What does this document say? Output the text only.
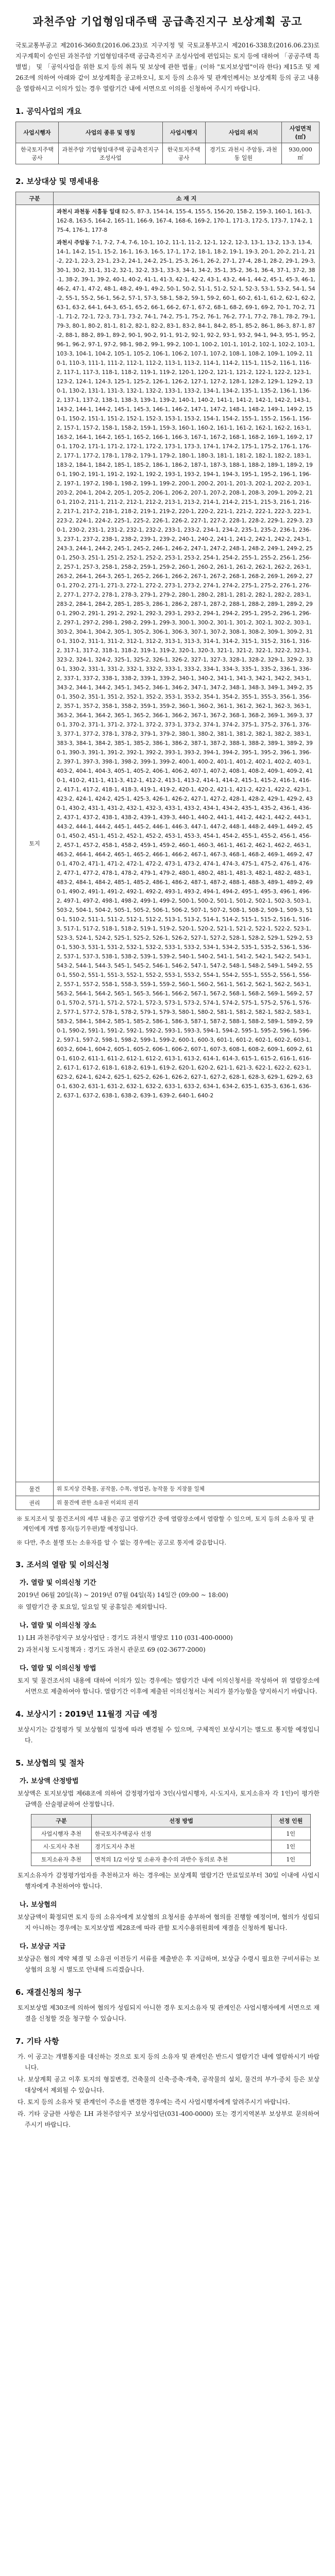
과천주암 기업형임대주택 공급촉진지구 보상계획 공고
국토교통부공고 제2016-360호(2016.06.23)로 지구지정 및 국토교통부고시 제2016-338호(2016.06.23)로 지구계획이 승인된 과천주암 기업형임대주택 공급촉진지구 조성사업에 편입되는 토지 등에 대하여 「공공주택 특별법」 및 「공익사업을 위한 토지 등의 취득 및 보상에 관한 법률」(이하 "토지보상법"이라 한다) 제15조 및 제26조에 의하여 아래와 같이 보상계획을 공고하오니, 토지 등의 소유자 및 관계인께서는 보상계획 등의 공고 내용을 열람하시고 이의가 있는 경우 열람기간 내에 서면으로 이의를 신청하여 주시기 바랍니다.
1. 공익사업의 개요
사업시행자	사업의 종류 및 명칭	사업시행지	사업의 위치	사업면적(㎡)
한국토지주택공사	과천주암 기업형임대주택 공급촉진지구 조성사업	한국토지주택공사	경기도 과천시 주암동, 과천동 일원	930,000 ㎡
2. 보상대상 및 명세내용
구분	소 재 지
토지	과천시 과천동 시흥동 일대 82-5, 87-3, 154-14, 155-4, 155-5, 156-20, 158-2, 159-3, 160-1, 161-3, 162-8, 163-5, 164-2, 165-11, 166-9, 167-4, 168-6, 169-2, 170-1, 171-3, 172-5, 173-7, 174-2, 175-4, 176-1, 177-8
과천시 주암동 7-1, 7-2, 7-4, 7-6, 10-1, 10-2, 11-1, 11-2, 12-1, 12-2, 12-3, 13-1, 13-2, 13-3, 13-4, 14-1, 14-2, 15-1, 15-2, 16-1, 16-3, 16-5, 17-1, 17-2, 18-1, 18-2, 19-1, 19-3, 20-1, 20-2, 21-1, 21-2, 22-1, 22-3, 23-1, 23-2, 24-1, 24-2, 25-1, 25-3, 26-1, 26-2, 27-1, 27-4, 28-1, 28-2, 29-1, 29-3, 30-1, 30-2, 31-1, 31-2, 32-1, 32-2, 33-1, 33-3, 34-1, 34-2, 35-1, 35-2, 36-1, 36-4, 37-1, 37-2, 38-1, 38-2, 39-1, 39-2, 40-1, 40-2, 41-1, 41-3, 42-1, 42-2, 43-1, 43-2, 44-1, 44-2, 45-1, 45-3, 46-1, 46-2, 47-1, 47-2, 48-1, 48-2, 49-1, 49-2, 50-1, 50-2, 51-1, 51-2, 52-1, 52-3, 53-1, 53-2, 54-1, 54-2, 55-1, 55-2, 56-1, 56-2, 57-1, 57-3, 58-1, 58-2, 59-1, 59-2, 60-1, 60-2, 61-1, 61-2, 62-1, 62-2, 63-1, 63-2, 64-1, 64-3, 65-1, 65-2, 66-1, 66-2, 67-1, 67-2, 68-1, 68-2, 69-1, 69-2, 70-1, 70-2, 71-1, 71-2, 72-1, 72-3, 73-1, 73-2, 74-1, 74-2, 75-1, 75-2, 76-1, 76-2, 77-1, 77-2, 78-1, 78-2, 79-1, 79-3, 80-1, 80-2, 81-1, 81-2, 82-1, 82-2, 83-1, 83-2, 84-1, 84-2, 85-1, 85-2, 86-1, 86-3, 87-1, 87-2, 88-1, 88-2, 89-1, 89-2, 90-1, 90-2, 91-1, 91-2, 92-1, 92-2, 93-1, 93-2, 94-1, 94-3, 95-1, 95-2, 96-1, 96-2, 97-1, 97-2, 98-1, 98-2, 99-1, 99-2, 100-1, 100-2, 101-1, 101-2, 102-1, 102-2, 103-1, 103-3, 104-1, 104-2, 105-1, 105-2, 106-1, 106-2, 107-1, 107-2, 108-1, 108-2, 109-1, 109-2, 110-1, 110-3, 111-1, 111-2, 112-1, 112-2, 113-1, 113-2, 114-1, 114-2, 115-1, 115-2, 116-1, 116-2, 117-1, 117-3, 118-1, 118-2, 119-1, 119-2, 120-1, 120-2, 121-1, 121-2, 122-1, 122-2, 123-1, 123-2, 124-1, 124-3, 125-1, 125-2, 126-1, 126-2, 127-1, 127-2, 128-1, 128-2, 129-1, 129-2, 130-1, 130-2, 131-1, 131-3, 132-1, 132-2, 133-1, 133-2, 134-1, 134-2, 135-1, 135-2, 136-1, 136-2, 137-1, 137-2, 138-1, 138-3, 139-1, 139-2, 140-1, 140-2, 141-1, 141-2, 142-1, 142-2, 143-1, 143-2, 144-1, 144-2, 145-1, 145-3, 146-1, 146-2, 147-1, 147-2, 148-1, 148-2, 149-1, 149-2, 150-1, 150-2, 151-1, 151-2, 152-1, 152-3, 153-1, 153-2, 154-1, 154-2, 155-1, 155-2, 156-1, 156-2, 157-1, 157-2, 158-1, 158-2, 159-1, 159-3, 160-1, 160-2, 161-1, 161-2, 162-1, 162-2, 163-1, 163-2, 164-1, 164-2, 165-1, 165-2, 166-1, 166-3, 167-1, 167-2, 168-1, 168-2, 169-1, 169-2, 170-1, 170-2, 171-1, 171-2, 172-1, 172-2, 173-1, 173-3, 174-1, 174-2, 175-1, 175-2, 176-1, 176-2, 177-1, 177-2, 178-1, 178-2, 179-1, 179-2, 180-1, 180-3, 181-1, 181-2, 182-1, 182-2, 183-1, 183-2, 184-1, 184-2, 185-1, 185-2, 186-1, 186-2, 187-1, 187-3, 188-1, 188-2, 189-1, 189-2, 190-1, 190-2, 191-1, 191-2, 192-1, 192-2, 193-1, 193-2, 194-1, 194-3, 195-1, 195-2, 196-1, 196-2, 197-1, 197-2, 198-1, 198-2, 199-1, 199-2, 200-1, 200-2, 201-1, 201-3, 202-1, 202-2, 203-1, 203-2, 204-1, 204-2, 205-1, 205-2, 206-1, 206-2, 207-1, 207-2, 208-1, 208-3, 209-1, 209-2, 210-1, 210-2, 211-1, 211-2, 212-1, 212-2, 213-1, 213-2, 214-1, 214-2, 215-1, 215-3, 216-1, 216-2, 217-1, 217-2, 218-1, 218-2, 219-1, 219-2, 220-1, 220-2, 221-1, 221-2, 222-1, 222-3, 223-1, 223-2, 224-1, 224-2, 225-1, 225-2, 226-1, 226-2, 227-1, 227-2, 228-1, 228-2, 229-1, 229-3, 230-1, 230-2, 231-1, 231-2, 232-1, 232-2, 233-1, 233-2, 234-1, 234-2, 235-1, 235-2, 236-1, 236-3, 237-1, 237-2, 238-1, 238-2, 239-1, 239-2, 240-1, 240-2, 241-1, 241-2, 242-1, 242-2, 243-1, 243-3, 244-1, 244-2, 245-1, 245-2, 246-1, 246-2, 247-1, 247-2, 248-1, 248-2, 249-1, 249-2, 250-1, 250-3, 251-1, 251-2, 252-1, 252-2, 253-1, 253-2, 254-1, 254-2, 255-1, 255-2, 256-1, 256-2, 257-1, 257-3, 258-1, 258-2, 259-1, 259-2, 260-1, 260-2, 261-1, 261-2, 262-1, 262-2, 263-1, 263-2, 264-1, 264-3, 265-1, 265-2, 266-1, 266-2, 267-1, 267-2, 268-1, 268-2, 269-1, 269-2, 270-1, 270-2, 271-1, 271-3, 272-1, 272-2, 273-1, 273-2, 274-1, 274-2, 275-1, 275-2, 276-1, 276-2, 277-1, 277-2, 278-1, 278-3, 279-1, 279-2, 280-1, 280-2, 281-1, 281-2, 282-1, 282-2, 283-1, 283-2, 284-1, 284-2, 285-1, 285-3, 286-1, 286-2, 287-1, 287-2, 288-1, 288-2, 289-1, 289-2, 290-1, 290-2, 291-1, 291-2, 292-1, 292-3, 293-1, 293-2, 294-1, 294-2, 295-1, 295-2, 296-1, 296-2, 297-1, 297-2, 298-1, 298-2, 299-1, 299-3, 300-1, 300-2, 301-1, 301-2, 302-1, 302-2, 303-1, 303-2, 304-1, 304-2, 305-1, 305-2, 306-1, 306-3, 307-1, 307-2, 308-1, 308-2, 309-1, 309-2, 310-1, 310-2, 311-1, 311-2, 312-1, 312-2, 313-1, 313-3, 314-1, 314-2, 315-1, 315-2, 316-1, 316-2, 317-1, 317-2, 318-1, 318-2, 319-1, 319-2, 320-1, 320-3, 321-1, 321-2, 322-1, 322-2, 323-1, 323-2, 324-1, 324-2, 325-1, 325-2, 326-1, 326-2, 327-1, 327-3, 328-1, 328-2, 329-1, 329-2, 330-1, 330-2, 331-1, 331-2, 332-1, 332-2, 333-1, 333-2, 334-1, 334-3, 335-1, 335-2, 336-1, 336-2, 337-1, 337-2, 338-1, 338-2, 339-1, 339-2, 340-1, 340-2, 341-1, 341-3, 342-1, 342-2, 343-1, 343-2, 344-1, 344-2, 345-1, 345-2, 346-1, 346-2, 347-1, 347-2, 348-1, 348-3, 349-1, 349-2, 350-1, 350-2, 351-1, 351-2, 352-1, 352-2, 353-1, 353-2, 354-1, 354-2, 355-1, 355-3, 356-1, 356-2, 357-1, 357-2, 358-1, 358-2, 359-1, 359-2, 360-1, 360-2, 361-1, 361-2, 362-1, 362-3, 363-1, 363-2, 364-1, 364-2, 365-1, 365-2, 366-1, 366-2, 367-1, 367-2, 368-1, 368-2, 369-1, 369-3, 370-1, 370-2, 371-1, 371-2, 372-1, 372-2, 373-1, 373-2, 374-1, 374-2, 375-1, 375-2, 376-1, 376-3, 377-1, 377-2, 378-1, 378-2, 379-1, 379-2, 380-1, 380-2, 381-1, 381-2, 382-1, 382-2, 383-1, 383-3, 384-1, 384-2, 385-1, 385-2, 386-1, 386-2, 387-1, 387-2, 388-1, 388-2, 389-1, 389-2, 390-1, 390-3, 391-1, 391-2, 392-1, 392-2, 393-1, 393-2, 394-1, 394-2, 395-1, 395-2, 396-1, 396-2, 397-1, 397-3, 398-1, 398-2, 399-1, 399-2, 400-1, 400-2, 401-1, 401-2, 402-1, 402-2, 403-1, 403-2, 404-1, 404-3, 405-1, 405-2, 406-1, 406-2, 407-1, 407-2, 408-1, 408-2, 409-1, 409-2, 410-1, 410-2, 411-1, 411-3, 412-1, 412-2, 413-1, 413-2, 414-1, 414-2, 415-1, 415-2, 416-1, 416-2, 417-1, 417-2, 418-1, 418-3, 419-1, 419-2, 420-1, 420-2, 421-1, 421-2, 422-1, 422-2, 423-1, 423-2, 424-1, 424-2, 425-1, 425-3, 426-1, 426-2, 427-1, 427-2, 428-1, 428-2, 429-1, 429-2, 430-1, 430-2, 431-1, 431-2, 432-1, 432-3, 433-1, 433-2, 434-1, 434-2, 435-1, 435-2, 436-1, 436-2, 437-1, 437-2, 438-1, 438-2, 439-1, 439-3, 440-1, 440-2, 441-1, 441-2, 442-1, 442-2, 443-1, 443-2, 444-1, 444-2, 445-1, 445-2, 446-1, 446-3, 447-1, 447-2, 448-1, 448-2, 449-1, 449-2, 450-1, 450-2, 451-1, 451-2, 452-1, 452-2, 453-1, 453-3, 454-1, 454-2, 455-1, 455-2, 456-1, 456-2, 457-1, 457-2, 458-1, 458-2, 459-1, 459-2, 460-1, 460-3, 461-1, 461-2, 462-1, 462-2, 463-1, 463-2, 464-1, 464-2, 465-1, 465-2, 466-1, 466-2, 467-1, 467-3, 468-1, 468-2, 469-1, 469-2, 470-1, 470-2, 471-1, 471-2, 472-1, 472-2, 473-1, 473-2, 474-1, 474-3, 475-1, 475-2, 476-1, 476-2, 477-1, 477-2, 478-1, 478-2, 479-1, 479-2, 480-1, 480-2, 481-1, 481-3, 482-1, 482-2, 483-1, 483-2, 484-1, 484-2, 485-1, 485-2, 486-1, 486-2, 487-1, 487-2, 488-1, 488-3, 489-1, 489-2, 490-1, 490-2, 491-1, 491-2, 492-1, 492-2, 493-1, 493-2, 494-1, 494-2, 495-1, 495-3, 496-1, 496-2, 497-1, 497-2, 498-1, 498-2, 499-1, 499-2, 500-1, 500-2, 501-1, 501-2, 502-1, 502-3, 503-1, 503-2, 504-1, 504-2, 505-1, 505-2, 506-1, 506-2, 507-1, 507-2, 508-1, 508-2, 509-1, 509-3, 510-1, 510-2, 511-1, 511-2, 512-1, 512-2, 513-1, 513-2, 514-1, 514-2, 515-1, 515-2, 516-1, 516-3, 517-1, 517-2, 518-1, 518-2, 519-1, 519-2, 520-1, 520-2, 521-1, 521-2, 522-1, 522-2, 523-1, 523-3, 524-1, 524-2, 525-1, 525-2, 526-1, 526-2, 527-1, 527-2, 528-1, 528-2, 529-1, 529-2, 530-1, 530-3, 531-1, 531-2, 532-1, 532-2, 533-1, 533-2, 534-1, 534-2, 535-1, 535-2, 536-1, 536-2, 537-1, 537-3, 538-1, 538-2, 539-1, 539-2, 540-1, 540-2, 541-1, 541-2, 542-1, 542-2, 543-1, 543-2, 544-1, 544-3, 545-1, 545-2, 546-1, 546-2, 547-1, 547-2, 548-1, 548-2, 549-1, 549-2, 550-1, 550-2, 551-1, 551-3, 552-1, 552-2, 553-1, 553-2, 554-1, 554-2, 555-1, 555-2, 556-1, 556-2, 557-1, 557-2, 558-1, 558-3, 559-1, 559-2, 560-1, 560-2, 561-1, 561-2, 562-1, 562-2, 563-1, 563-2, 564-1, 564-2, 565-1, 565-3, 566-1, 566-2, 567-1, 567-2, 568-1, 568-2, 569-1, 569-2, 570-1, 570-2, 571-1, 571-2, 572-1, 572-3, 573-1, 573-2, 574-1, 574-2, 575-1, 575-2, 576-1, 576-2, 577-1, 577-2, 578-1, 578-2, 579-1, 579-3, 580-1, 580-2, 581-1, 581-2, 582-1, 582-2, 583-1, 583-2, 584-1, 584-2, 585-1, 585-2, 586-1, 586-3, 587-1, 587-2, 588-1, 588-2, 589-1, 589-2, 590-1, 590-2, 591-1, 591-2, 592-1, 592-2, 593-1, 593-3, 594-1, 594-2, 595-1, 595-2, 596-1, 596-2, 597-1, 597-2, 598-1, 598-2, 599-1, 599-2, 600-1, 600-3, 601-1, 601-2, 602-1, 602-2, 603-1, 603-2, 604-1, 604-2, 605-1, 605-2, 606-1, 606-2, 607-1, 607-3, 608-1, 608-2, 609-1, 609-2, 610-1, 610-2, 611-1, 611-2, 612-1, 612-2, 613-1, 613-2, 614-1, 614-3, 615-1, 615-2, 616-1, 616-2, 617-1, 617-2, 618-1, 618-2, 619-1, 619-2, 620-1, 620-2, 621-1, 621-3, 622-1, 622-2, 623-1, 623-2, 624-1, 624-2, 625-1, 625-2, 626-1, 626-2, 627-1, 627-2, 628-1, 628-3, 629-1, 629-2, 630-1, 630-2, 631-1, 631-2, 632-1, 632-2, 633-1, 633-2, 634-1, 634-2, 635-1, 635-3, 636-1, 636-2, 637-1, 637-2, 638-1, 638-2, 639-1, 639-2, 640-1, 640-2

물건	위 토지상 건축물, 공작물, 수목, 영업권, 농작물 등 지장물 일체
권리	위 물건에 관한 소유권 이외의 권리
※ 토지조서 및 물건조서의 세부 내용은 공고 열람기간 중에 열람장소에서 열람할 수 있으며, 토지 등의 소유자 및 관계인에게 개별 통지(등기우편)할 예정입니다.
※ 다만, 주소 불명 또는 소유자를 알 수 없는 경우에는 공고로 통지에 갈음합니다.
3. 조서의 열람 및 이의신청
가. 열람 및 이의신청 기간
2019년 06월 20일(목) ~ 2019년 07월 04일(목) 14일간 (09:00 ~ 18:00)
※ 열람기간 중 토요일, 일요일 및 공휴일은 제외합니다.
나. 열람 및 이의신청 장소
1) LH 과천주암지구 보상사업단 : 경기도 과천시 별양로 110 (031-400-0000)
2) 과천시청 도시정책과 : 경기도 과천시 관문로 69 (02-3677-2000)
다. 열람 및 이의신청 방법
토지 및 물건조서의 내용에 대하여 이의가 있는 경우에는 열람기간 내에 이의신청서를 작성하여 위 열람장소에 서면으로 제출하여야 합니다. 열람기간 이후에 제출된 이의신청서는 처리가 불가능함을 양지하시기 바랍니다.
4. 보상시기 : 2019년 11월경 지급 예정
보상시기는 감정평가 및 보상협의 일정에 따라 변경될 수 있으며, 구체적인 보상시기는 별도로 통지할 예정입니다.
5. 보상협의 및 절차
가. 보상액 산정방법
보상액은 토지보상법 제68조에 의하여 감정평가업자 3인(사업시행자, 시·도지사, 토지소유자 각 1인)이 평가한 금액을 산술평균하여 산정합니다.
구분	선정 방법	선정 인원
사업시행자 추천	한국토지주택공사 선정	1인
시·도지사 추천	경기도지사 추천	1인
토지소유자 추천	면적의 1/2 이상 및 소유자 총수의 과반수 동의로 추천	1인
토지소유자가 감정평가업자를 추천하고자 하는 경우에는 보상계획 열람기간 만료일로부터 30일 이내에 사업시행자에게 추천하여야 합니다.
나. 보상협의
보상금액이 확정되면 토지 등의 소유자에게 보상협의 요청서를 송부하여 협의를 진행할 예정이며, 협의가 성립되지 아니하는 경우에는 토지보상법 제28조에 따라 관할 토지수용위원회에 재결을 신청하게 됩니다.
다. 보상금 지급
보상금은 협의 계약 체결 및 소유권 이전등기 서류를 제출받은 후 지급하며, 보상금 수령시 필요한 구비서류는 보상협의 요청 시 별도로 안내해 드리겠습니다.
6. 재결신청의 청구
토지보상법 제30조에 의하여 협의가 성립되지 아니한 경우 토지소유자 및 관계인은 사업시행자에게 서면으로 재결을 신청할 것을 청구할 수 있습니다.
7. 기타 사항
가. 이 공고는 개별통지를 대신하는 것으로 토지 등의 소유자 및 관계인은 반드시 열람기간 내에 열람하시기 바랍니다.
나. 보상계획 공고 이후 토지의 형질변경, 건축물의 신축·증축·개축, 공작물의 설치, 물건의 부가·증치 등은 보상대상에서 제외될 수 있습니다.
다. 토지 등의 소유자 및 관계인이 주소를 변경한 경우에는 즉시 사업시행자에게 알려주시기 바랍니다.
라. 기타 궁금한 사항은 LH 과천주암지구 보상사업단(031-400-0000) 또는 경기지역본부 보상부로 문의하여 주시기 바랍니다.
